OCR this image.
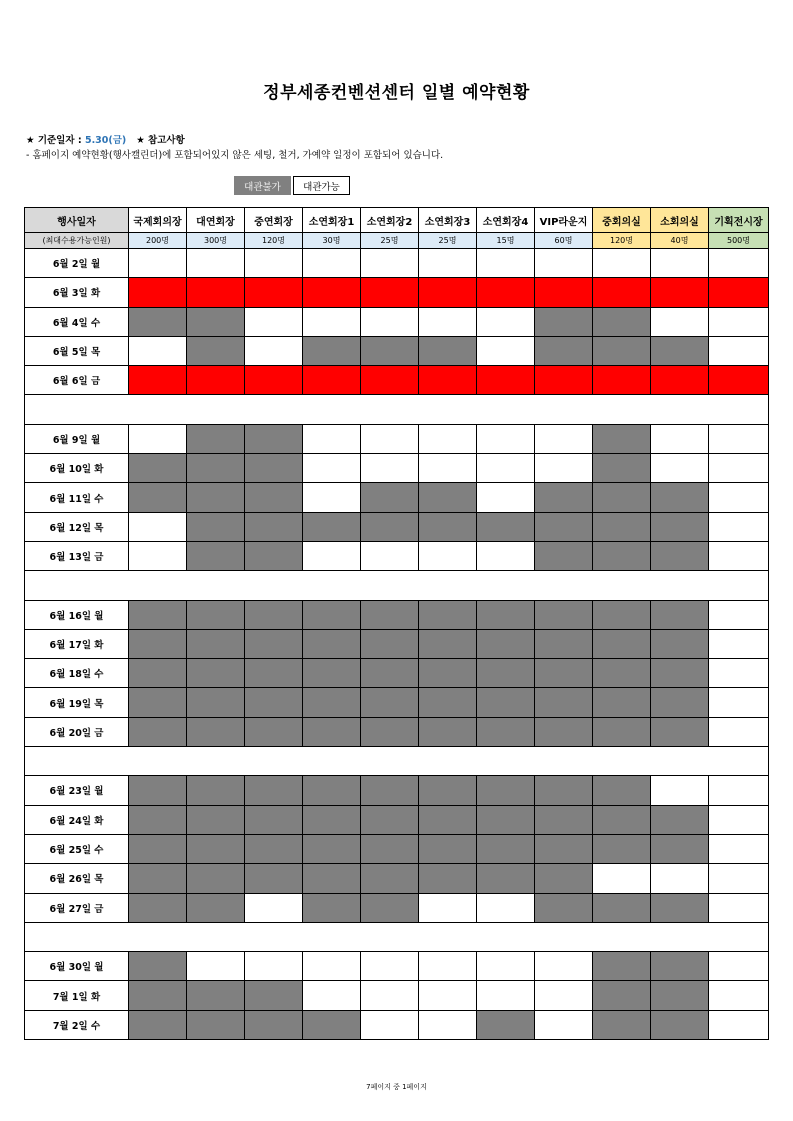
정부세종컨벤션센터 일별 예약현황
★ 기준일자 : 5.30(금) ★ 참고사항
- 홈페이지 예약현황(행사캘린더)에 포함되어있지 않은 세팅, 철거, 가예약 일정이 포함되어 있습니다.
대관불가	대관가능
행사일자	국제회의장	대연회장	중연회장	소연회장1	소연회장2	소연회장3	소연회장4	VIP라운지	중회의실	소회의실	기획전시장
(최대수용가능인원)	200명	300명	120명	30명	25명	25명	15명	60명	120명	40명	500명
6월 2일 월											
6월 3일 화											
6월 4일 수											
6월 5일 목											
6월 6일 금											

6월 9일 월											
6월 10일 화											
6월 11일 수											
6월 12일 목											
6월 13일 금											

6월 16일 월											
6월 17일 화											
6월 18일 수											
6월 19일 목											
6월 20일 금											

6월 23일 월											
6월 24일 화											
6월 25일 수											
6월 26일 목											
6월 27일 금											

6월 30일 월											
7월 1일 화											
7월 2일 수											
7페이지 중 1페이지
